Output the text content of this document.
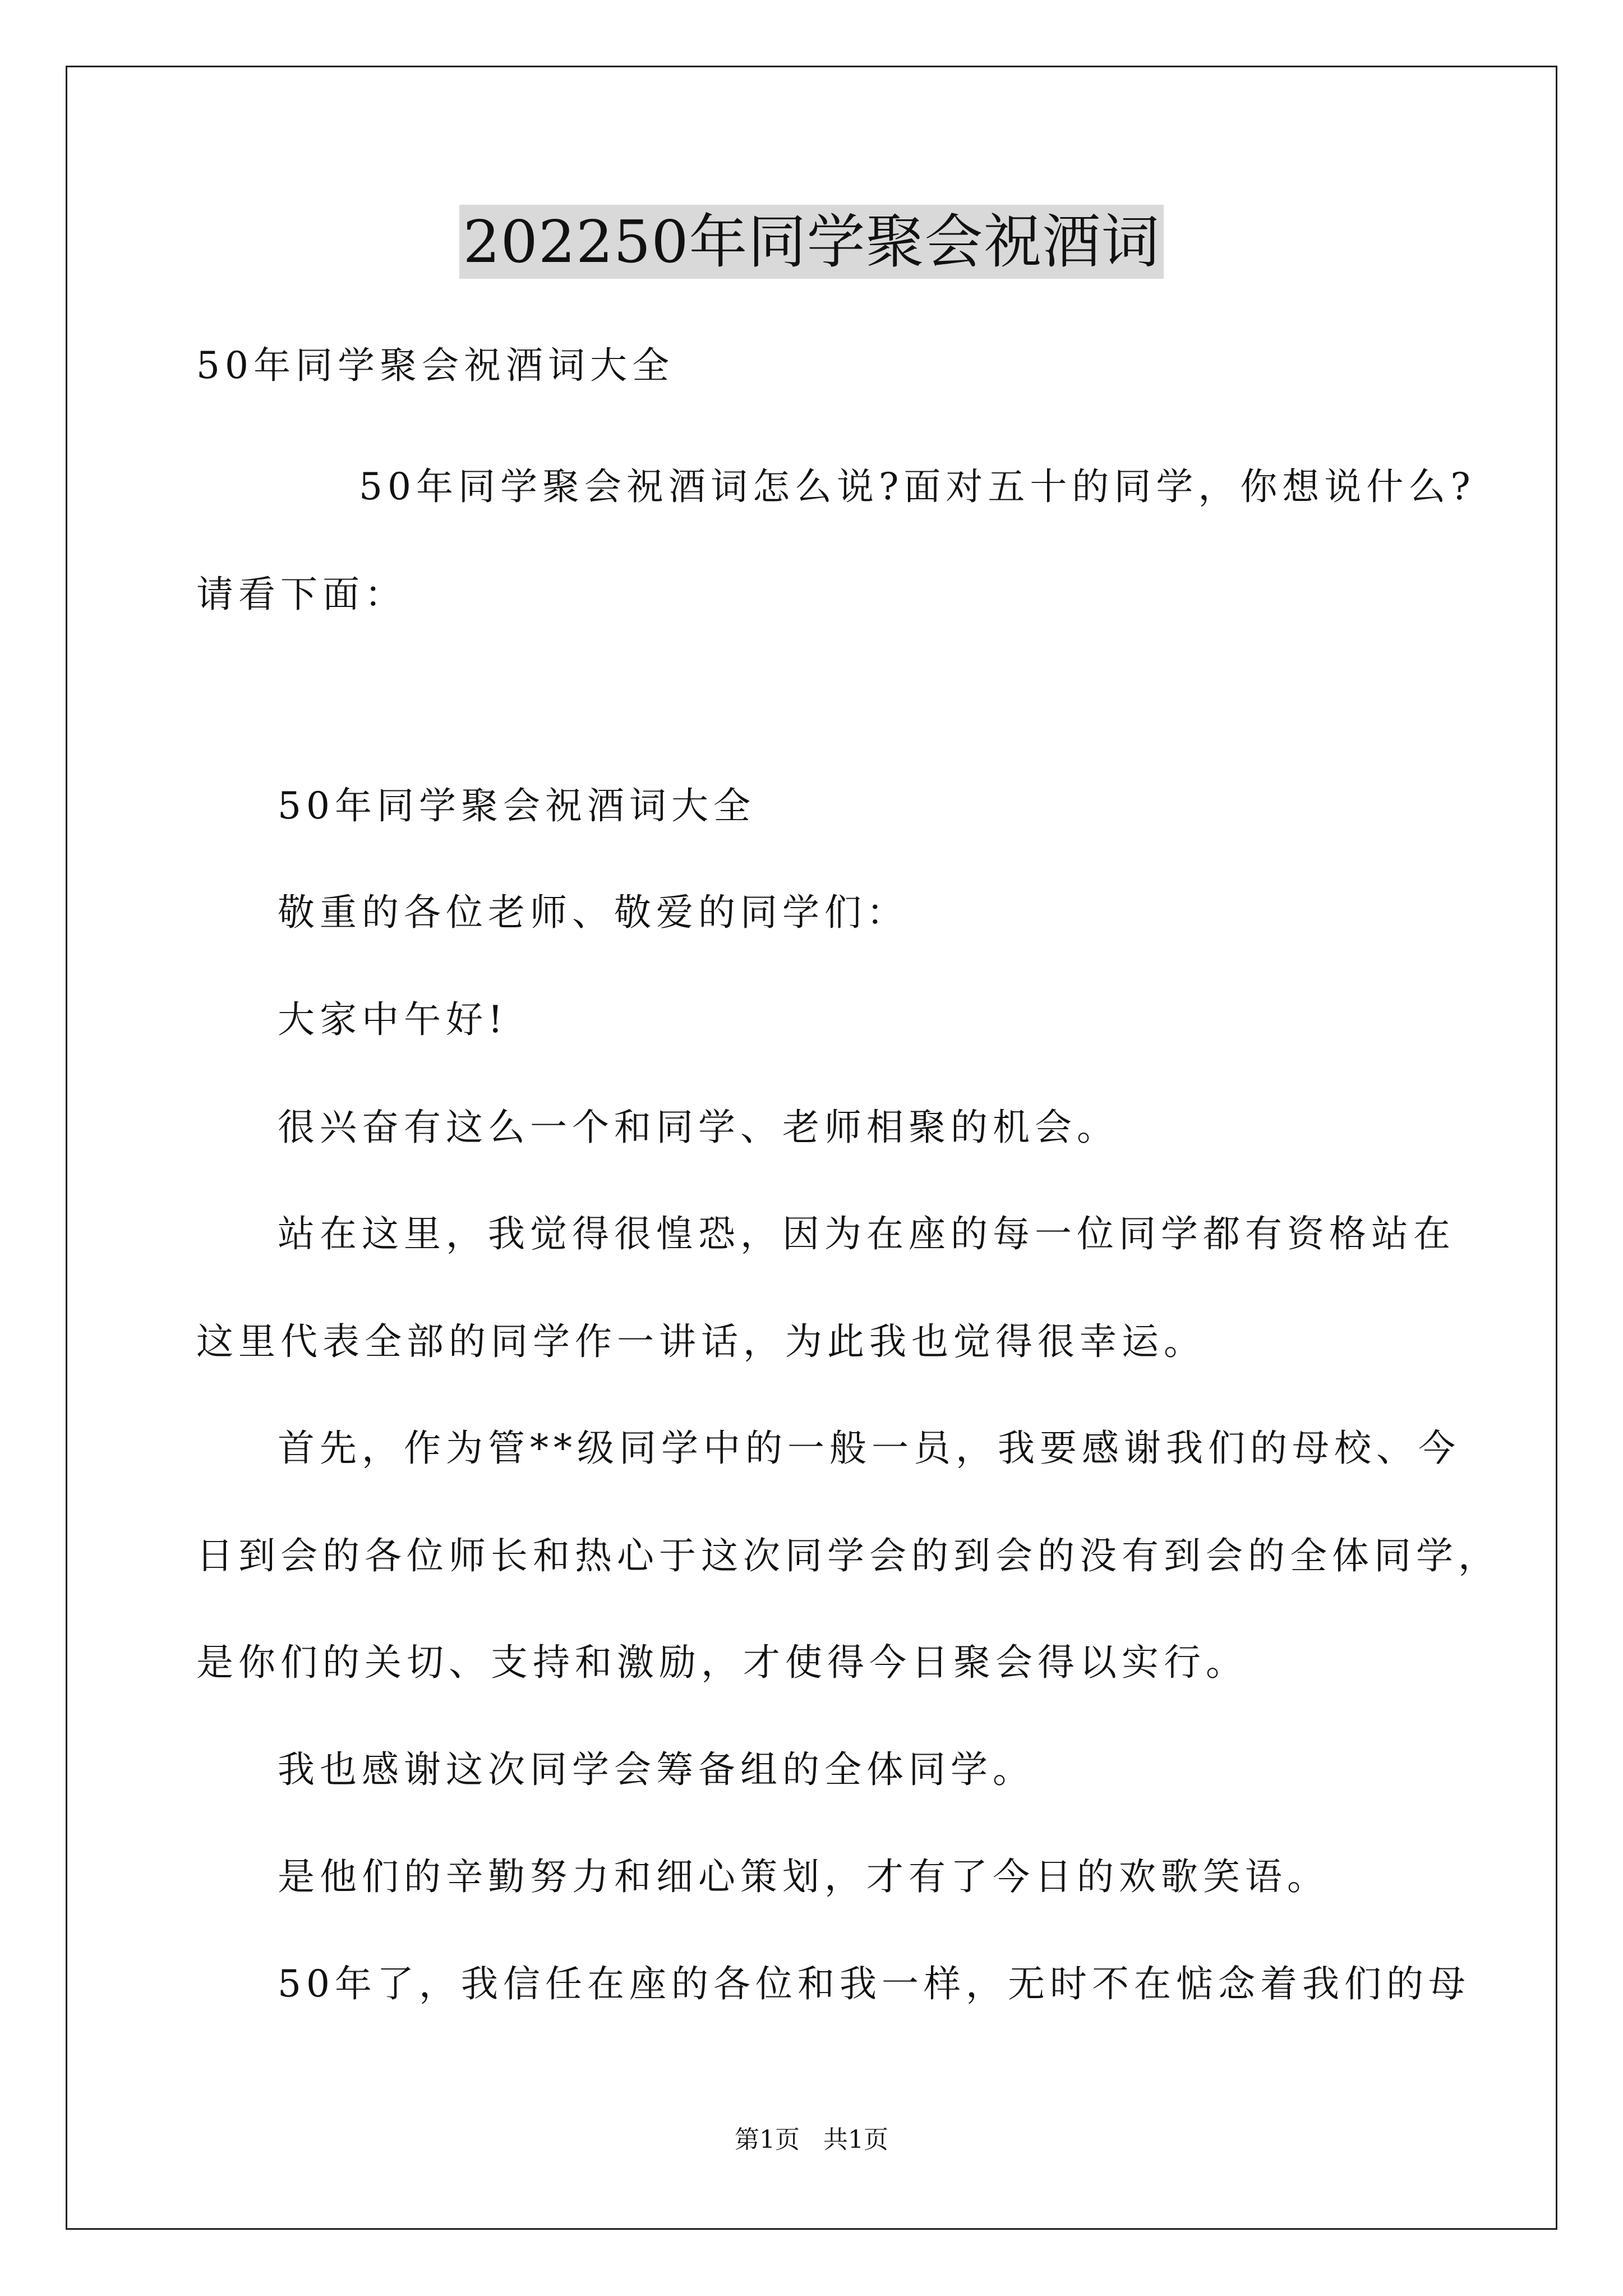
202250年同学聚会祝酒词
50年同学聚会祝酒词大全
50年同学聚会祝酒词怎么说?面对五十的同学，你想说什么?
请看下面：
50年同学聚会祝酒词大全
敬重的各位老师、敬爱的同学们：
大家中午好!
很兴奋有这么一个和同学、老师相聚的机会。
站在这里，我觉得很惶恐，因为在座的每一位同学都有资格站在
这里代表全部的同学作一讲话，为此我也觉得很幸运。
首先，作为管**级同学中的一般一员，我要感谢我们的母校、今
日到会的各位师长和热心于这次同学会的到会的没有到会的全体同学，
是你们的关切、支持和激励，才使得今日聚会得以实行。
我也感谢这次同学会筹备组的全体同学。
是他们的辛勤努力和细心策划，才有了今日的欢歌笑语。
50年了，我信任在座的各位和我一样，无时不在惦念着我们的母
第1页   共1页
